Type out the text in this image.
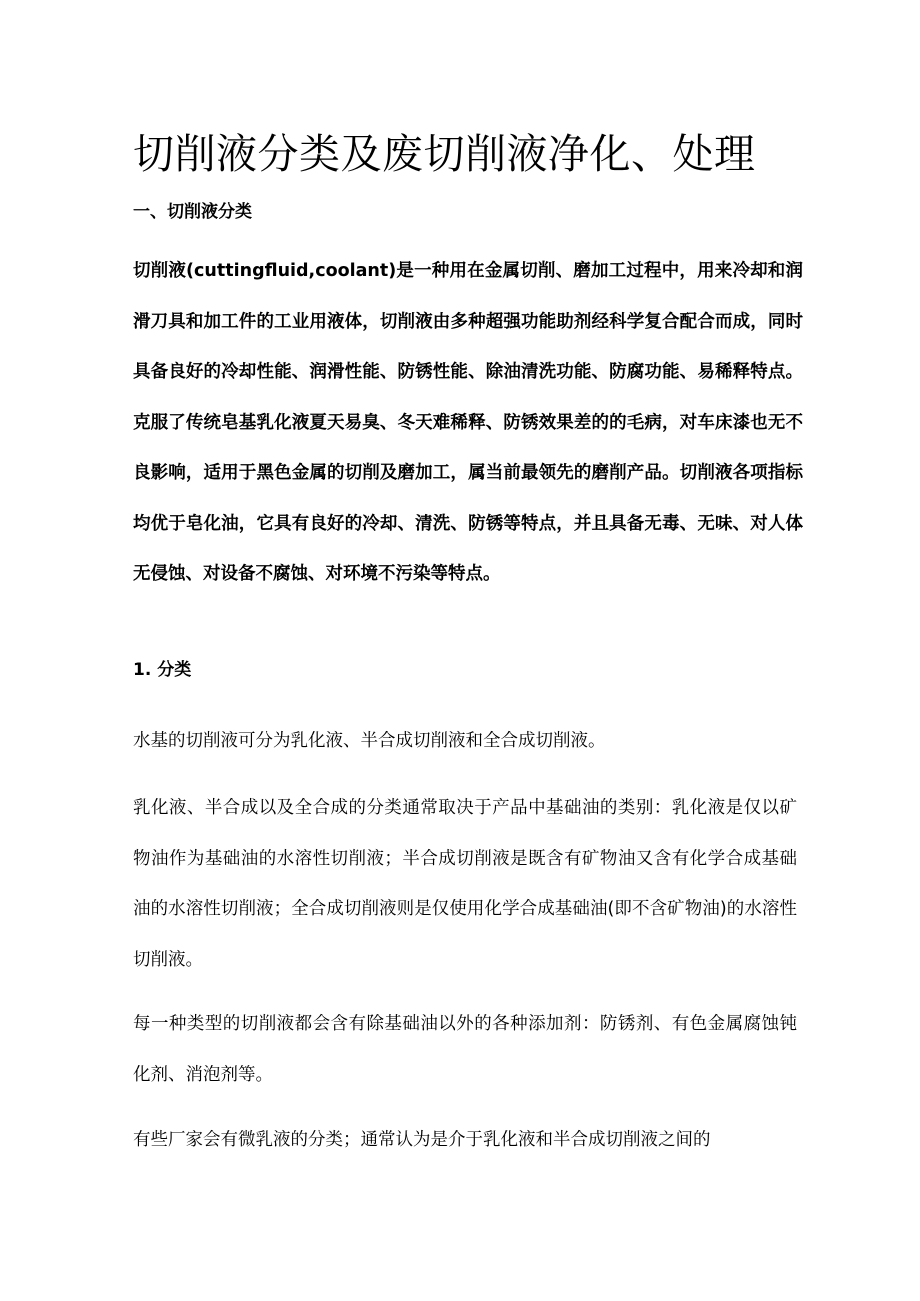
切削液分类及废切削液净化、处理
一、切削液分类

切削液(cuttingfluid,coolant)是一种用在金属切削、磨加工过程中，用来冷却和润滑刀具和加工件的工业用液体，切削液由多种超强功能助剂经科学复合配合而成，同时具备良好的冷却性能、润滑性能、防锈性能、除油清洗功能、防腐功能、易稀释特点。克服了传统皂基乳化液夏天易臭、冬天难稀释、防锈效果差的的毛病，对车床漆也无不良影响，适用于黑色金属的切削及磨加工，属当前最领先的磨削产品。切削液各项指标均优于皂化油，它具有良好的冷却、清洗、防锈等特点，并且具备无毒、无味、对人体无侵蚀、对设备不腐蚀、对环境不污染等特点。

1. 分类

水基的切削液可分为乳化液、半合成切削液和全合成切削液。

乳化液、半合成以及全合成的分类通常取决于产品中基础油的类别：乳化液是仅以矿物油作为基础油的水溶性切削液；半合成切削液是既含有矿物油又含有化学合成基础油的水溶性切削液；全合成切削液则是仅使用化学合成基础油(即不含矿物油)的水溶性切削液。

每一种类型的切削液都会含有除基础油以外的各种添加剂：防锈剂、有色金属腐蚀钝化剂、消泡剂等。

有些厂家会有微乳液的分类；通常认为是介于乳化液和半合成切削液之间的
